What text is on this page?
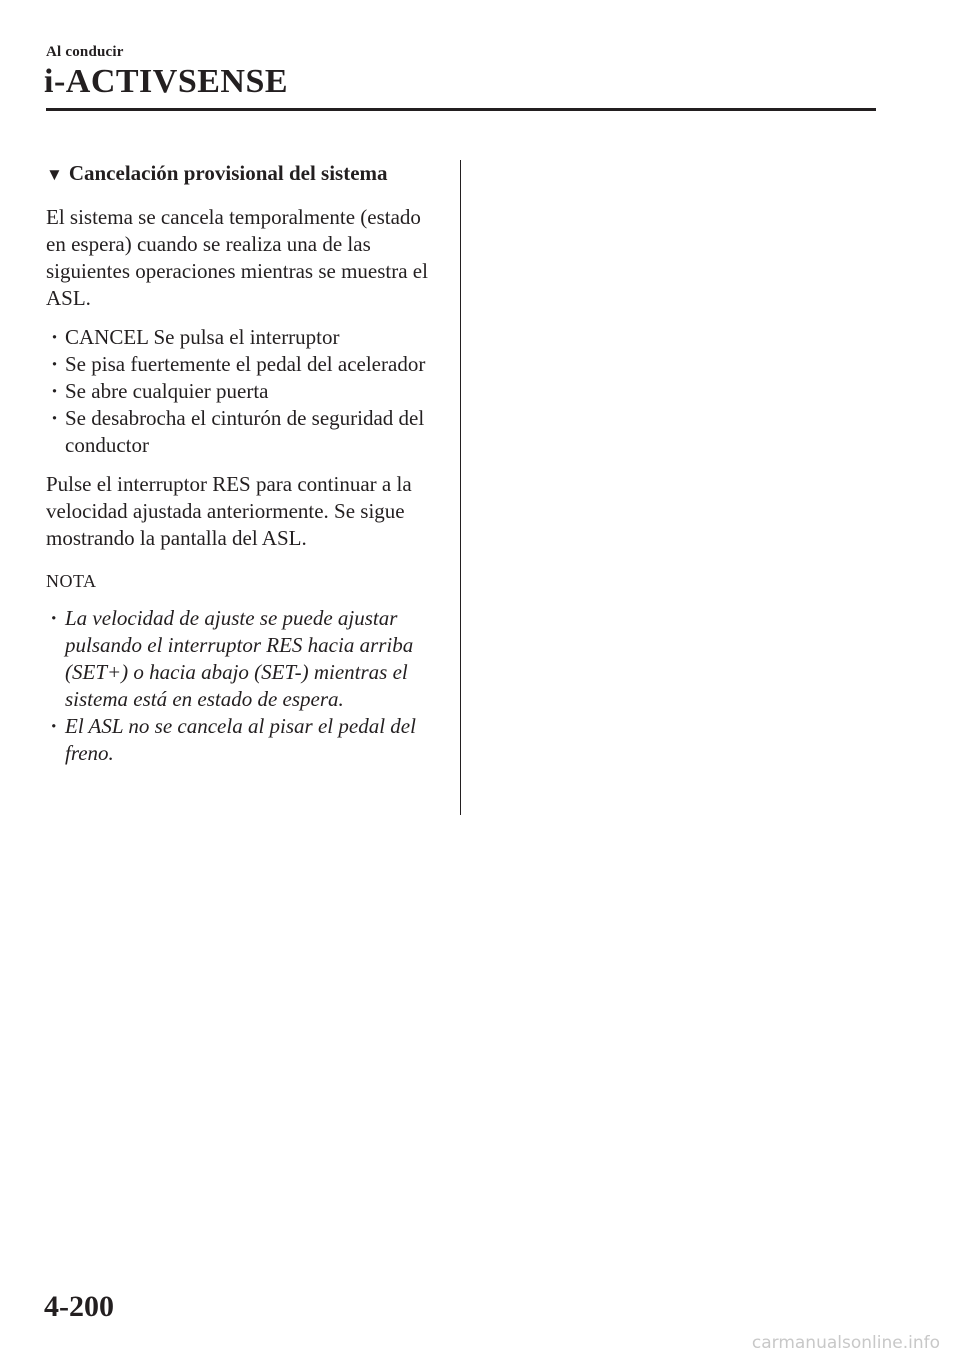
Al conducir
i-ACTIVSENSE
▼ Cancelación provisional del sistema

El sistema se cancela temporalmente (estado en espera) cuando se realiza una de las siguientes operaciones mientras se muestra el ASL.

· CANCEL Se pulsa el interruptor
· Se pisa fuertemente el pedal del acelerador
· Se abre cualquier puerta
· Se desabrocha el cinturón de seguridad del conductor

Pulse el interruptor RES para continuar a la velocidad ajustada anteriormente. Se sigue mostrando la pantalla del ASL.

NOTA
· La velocidad de ajuste se puede ajustar pulsando el interruptor RES hacia arriba (SET+) o hacia abajo (SET-) mientras el sistema está en estado de espera.
· El ASL no se cancela al pisar el pedal del freno.
4-200
carmanualsonline.info
